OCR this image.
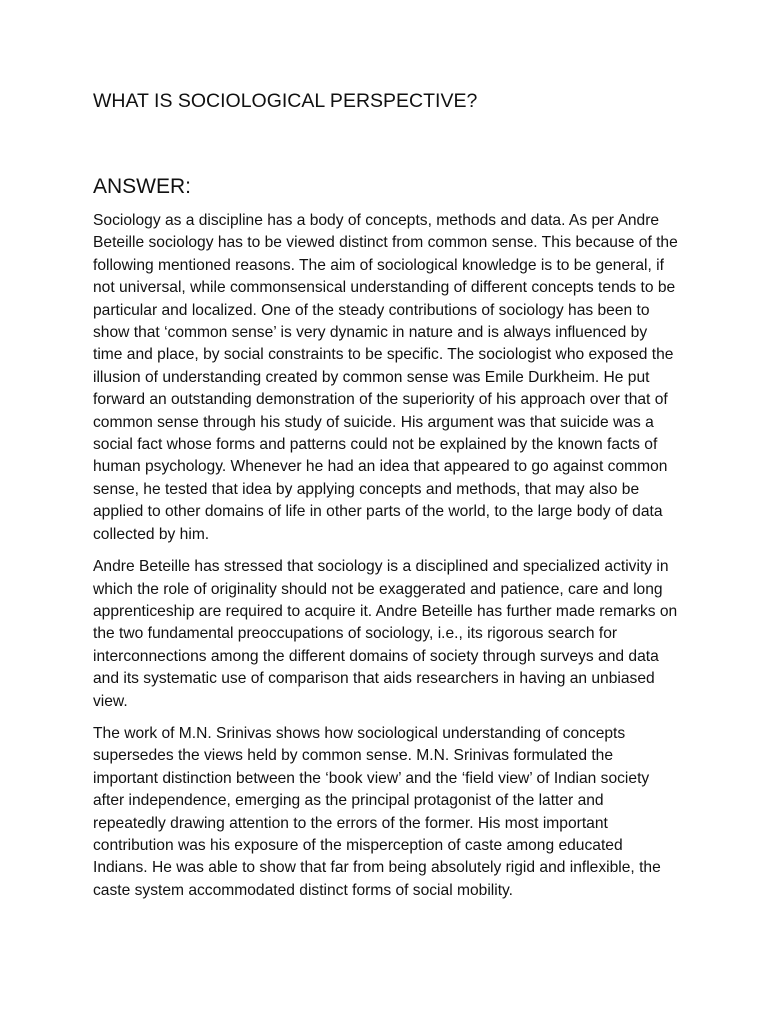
WHAT IS SOCIOLOGICAL PERSPECTIVE?
ANSWER:

Sociology as a discipline has a body of concepts, methods and data. As per Andre Beteille sociology has to be viewed distinct from common sense. This because of the following mentioned reasons. The aim of sociological knowledge is to be general, if not universal, while commonsensical understanding of different concepts tends to be particular and localized. One of the steady contributions of sociology has been to show that ‘common sense’ is very dynamic in nature and is always influenced by time and place, by social constraints to be specific. The sociologist who exposed the illusion of understanding created by common sense was Emile Durkheim. He put forward an outstanding demonstration of the superiority of his approach over that of common sense through his study of suicide. His argument was that suicide was a social fact whose forms and patterns could not be explained by the known facts of human psychology. Whenever he had an idea that appeared to go against common sense, he tested that idea by applying concepts and methods, that may also be applied to other domains of life in other parts of the world, to the large body of data collected by him.

Andre Beteille has stressed that sociology is a disciplined and specialized activity in which the role of originality should not be exaggerated and patience, care and long apprenticeship are required to acquire it. Andre Beteille has further made remarks on the two fundamental preoccupations of sociology, i.e., its rigorous search for interconnections among the different domains of society through surveys and data and its systematic use of comparison that aids researchers in having an unbiased view.

The work of M.N. Srinivas shows how sociological understanding of concepts supersedes the views held by common sense. M.N. Srinivas formulated the important distinction between the ‘book view’ and the ‘field view’ of Indian society after independence, emerging as the principal protagonist of the latter and repeatedly drawing attention to the errors of the former. His most important contribution was his exposure of the misperception of caste among educated Indians. He was able to show that far from being absolutely rigid and inflexible, the caste system accommodated distinct forms of social mobility.
